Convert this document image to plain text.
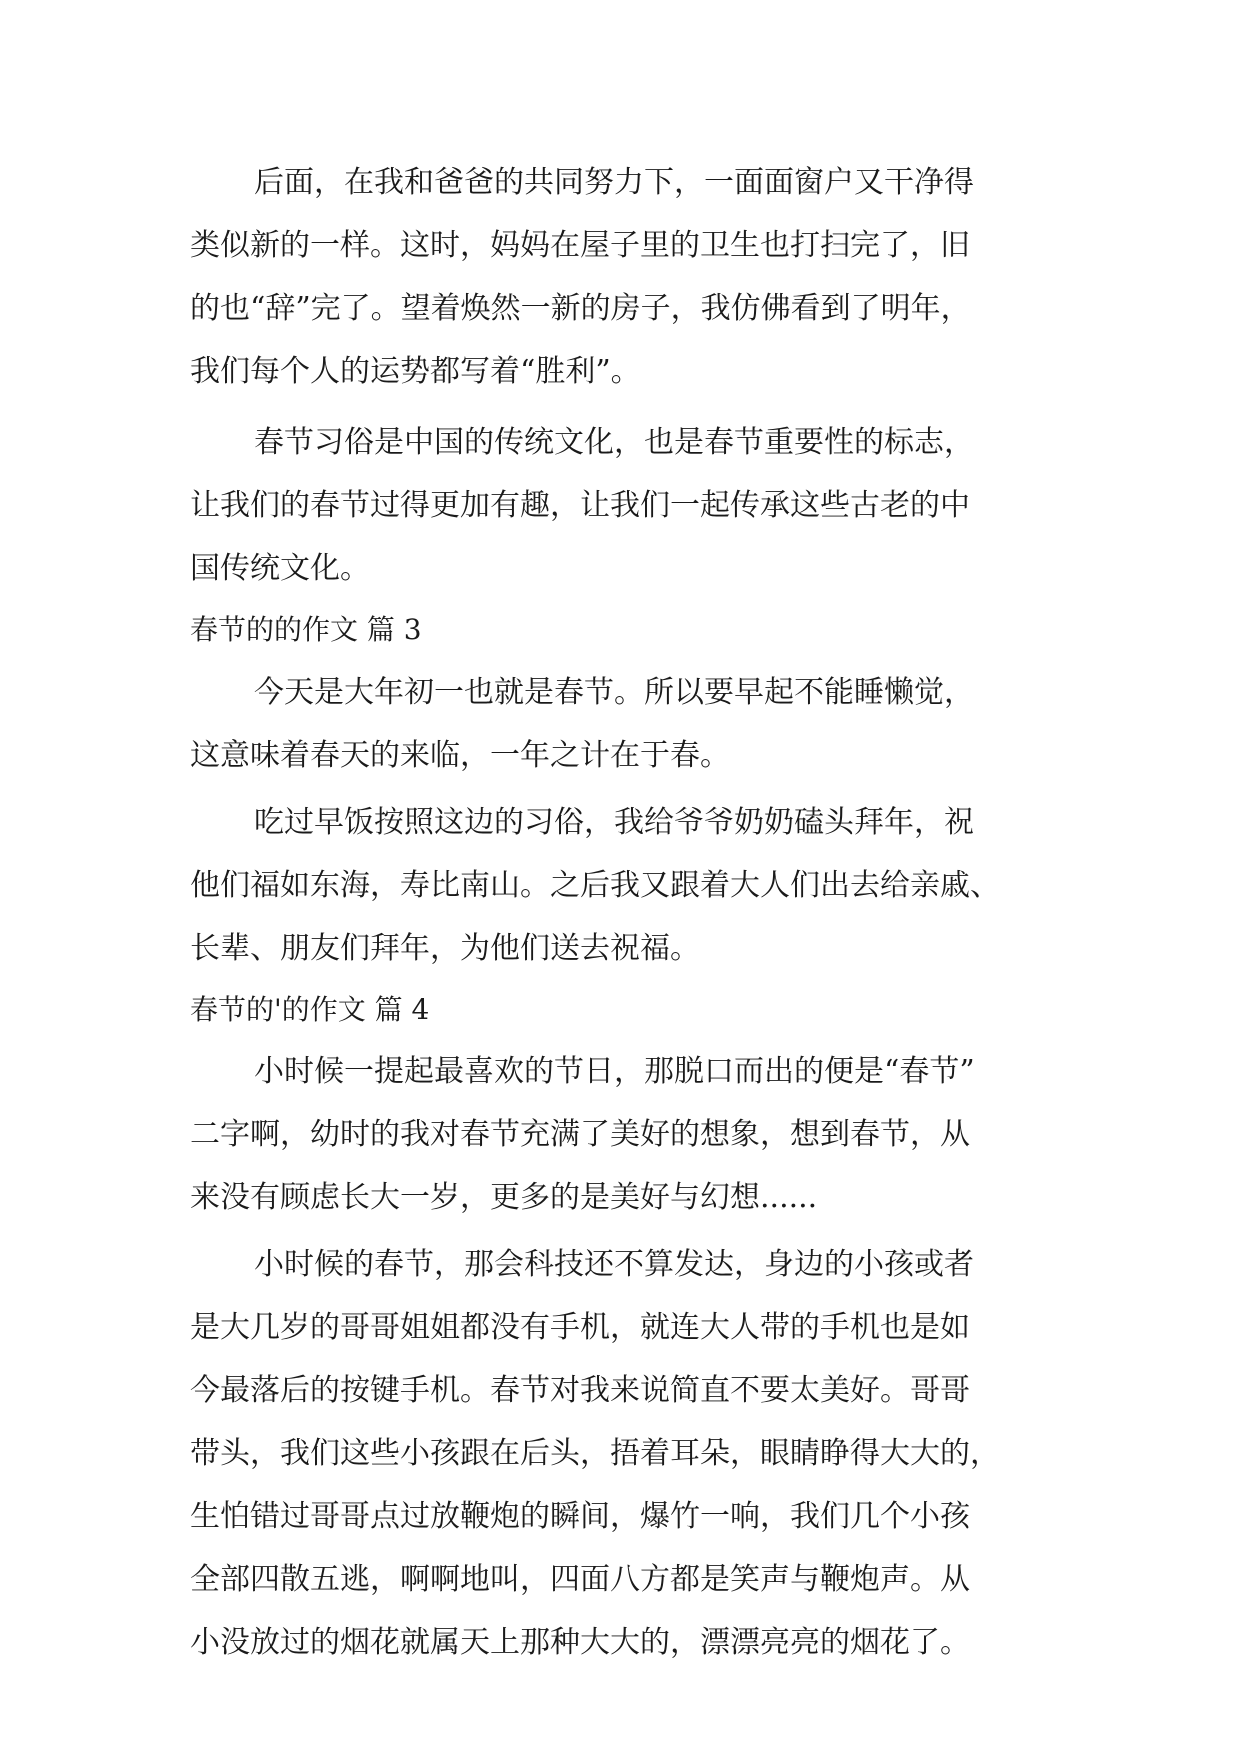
后面，在我和爸爸的共同努力下，一面面窗户又干净得
类似新的一样。这时，妈妈在屋子里的卫生也打扫完了，旧
的也“辞”完了。望着焕然一新的房子，我仿佛看到了明年，
我们每个人的运势都写着“胜利”。
春节习俗是中国的传统文化，也是春节重要性的标志，
让我们的春节过得更加有趣，让我们一起传承这些古老的中
国传统文化。
春节的的作文 篇 3
今天是大年初一也就是春节。所以要早起不能睡懒觉，
这意味着春天的来临，一年之计在于春。
吃过早饭按照这边的习俗，我给爷爷奶奶磕头拜年，祝
他们福如东海，寿比南山。之后我又跟着大人们出去给亲戚、
长辈、朋友们拜年，为他们送去祝福。
春节的'的作文 篇 4
小时候一提起最喜欢的节日，那脱口而出的便是“春节”
二字啊，幼时的我对春节充满了美好的想象，想到春节，从
来没有顾虑长大一岁，更多的是美好与幻想......
小时候的春节，那会科技还不算发达，身边的小孩或者
是大几岁的哥哥姐姐都没有手机，就连大人带的手机也是如
今最落后的按键手机。春节对我来说简直不要太美好。哥哥
带头，我们这些小孩跟在后头，捂着耳朵，眼睛睁得大大的，
生怕错过哥哥点过放鞭炮的瞬间，爆竹一响，我们几个小孩
全部四散五逃，啊啊地叫，四面八方都是笑声与鞭炮声。从
小没放过的烟花就属天上那种大大的，漂漂亮亮的烟花了。
